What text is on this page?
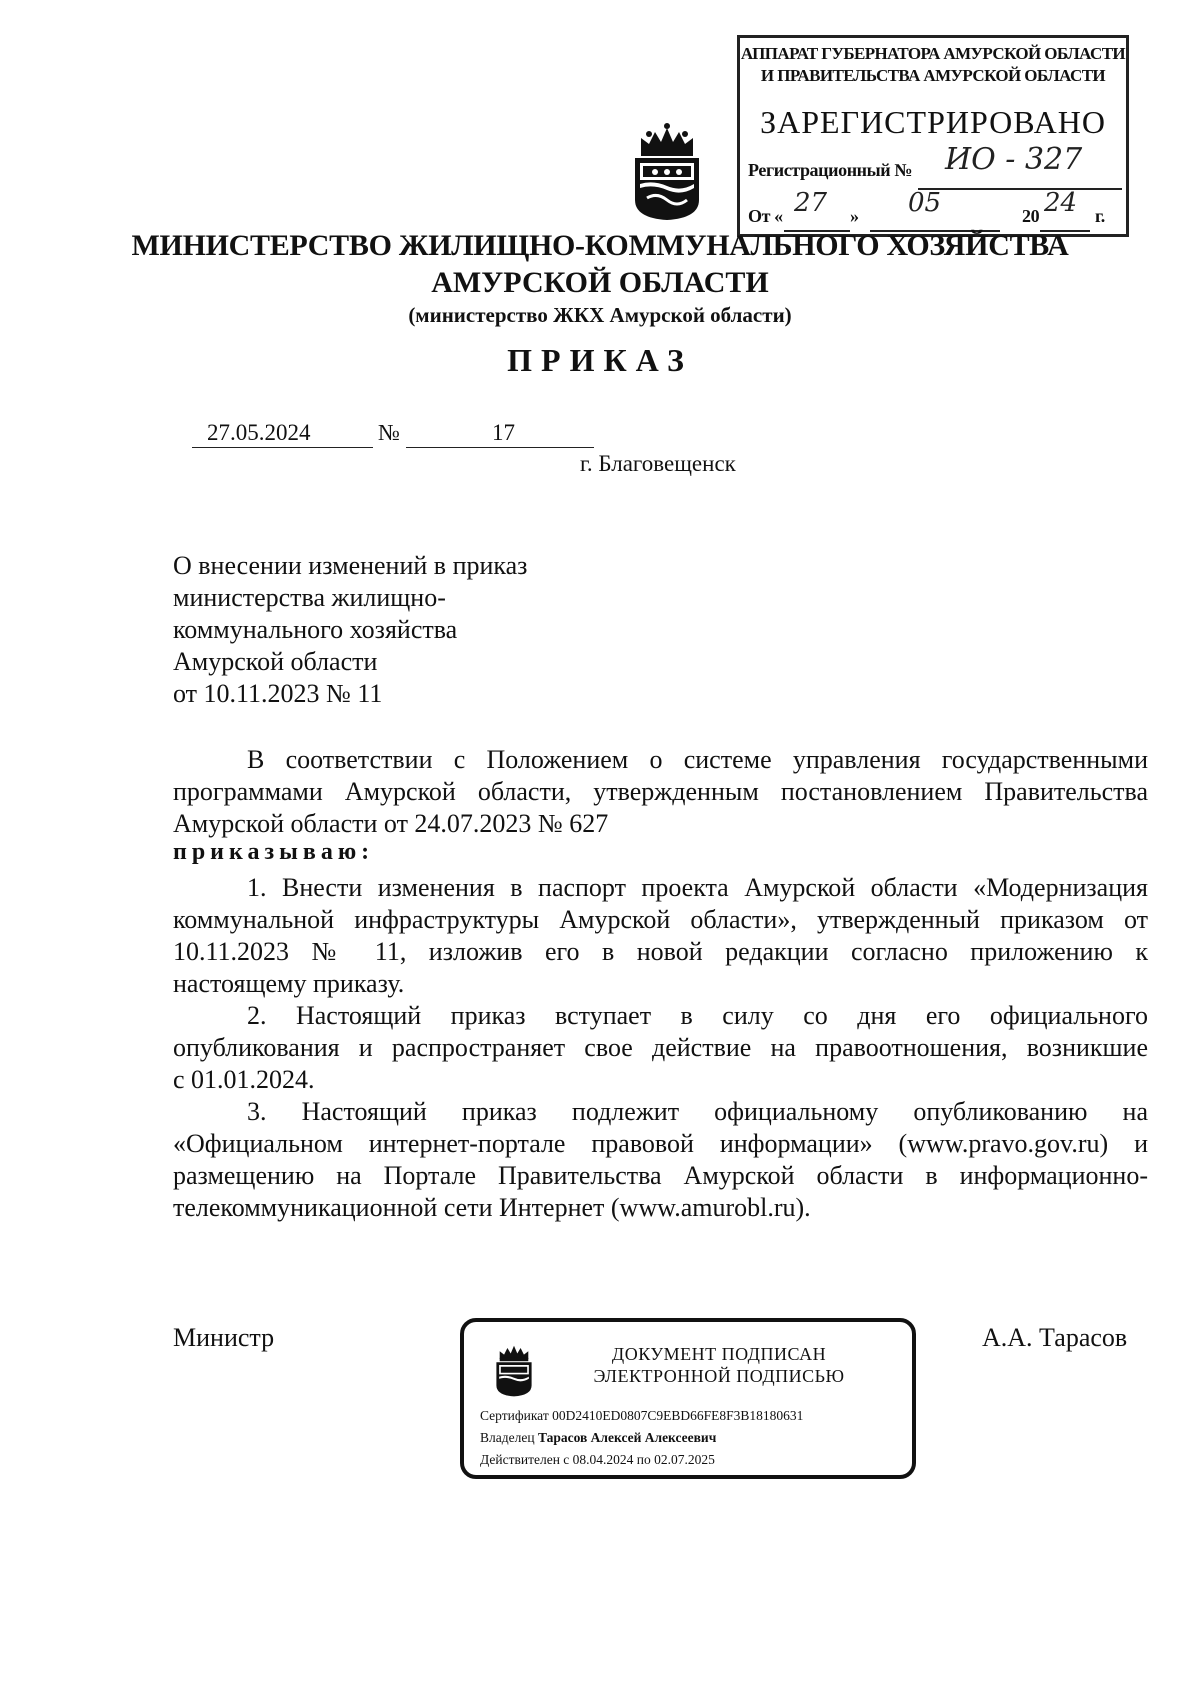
АППАРАТ ГУБЕРНАТОРА АМУРСКОЙ ОБЛАСТИ
И ПРАВИТЕЛЬСТВА АМУРСКОЙ ОБЛАСТИ
ЗАРЕГИСТРИРОВАНО
Регистрационный № ИО - 327
От « 27 » 05	20 24 г.
МИНИСТЕРСТВО ЖИЛИЩНО-КОММУНАЛЬНОГО ХОЗЯЙСТВА
АМУРСКОЙ ОБЛАСТИ
(министерство ЖКХ Амурской области)
ПРИКАЗ
27.05.2024	№	17
г. Благовещенск
О внесении изменений в приказ
министерства жилищно-
коммунального хозяйства
Амурской области
от 10.11.2023 № 11
В соответствии с Положением о системе управления государственными
программами Амурской области, утвержденным постановлением Правительства
Амурской области от 24.07.2023 № 627
приказываю:
1. Внести изменения в паспорт проекта Амурской области «Модернизация
коммунальной инфраструктуры Амурской области», утвержденный приказом от
10.11.2023 № 11, изложив его в новой редакции согласно приложению к
настоящему приказу.
2. Настоящий приказ вступает в силу со дня его официального
опубликования и распространяет свое действие на правоотношения, возникшие
с 01.01.2024.
3. Настоящий приказ подлежит официальному опубликованию на
«Официальном интернет-портале правовой информации» (www.pravo.gov.ru) и
размещению на Портале Правительства Амурской области в информационно-
телекоммуникационной сети Интернет (www.amurobl.ru).
Министр	А.А. Тарасов
ДОКУМЕНТ ПОДПИСАН
ЭЛЕКТРОННОЙ ПОДПИСЬЮ
Сертификат 00D2410ED0807C9EBD66FE8F3B18180631
Владелец Тарасов Алексей Алексеевич
Действителен с 08.04.2024 по 02.07.2025
